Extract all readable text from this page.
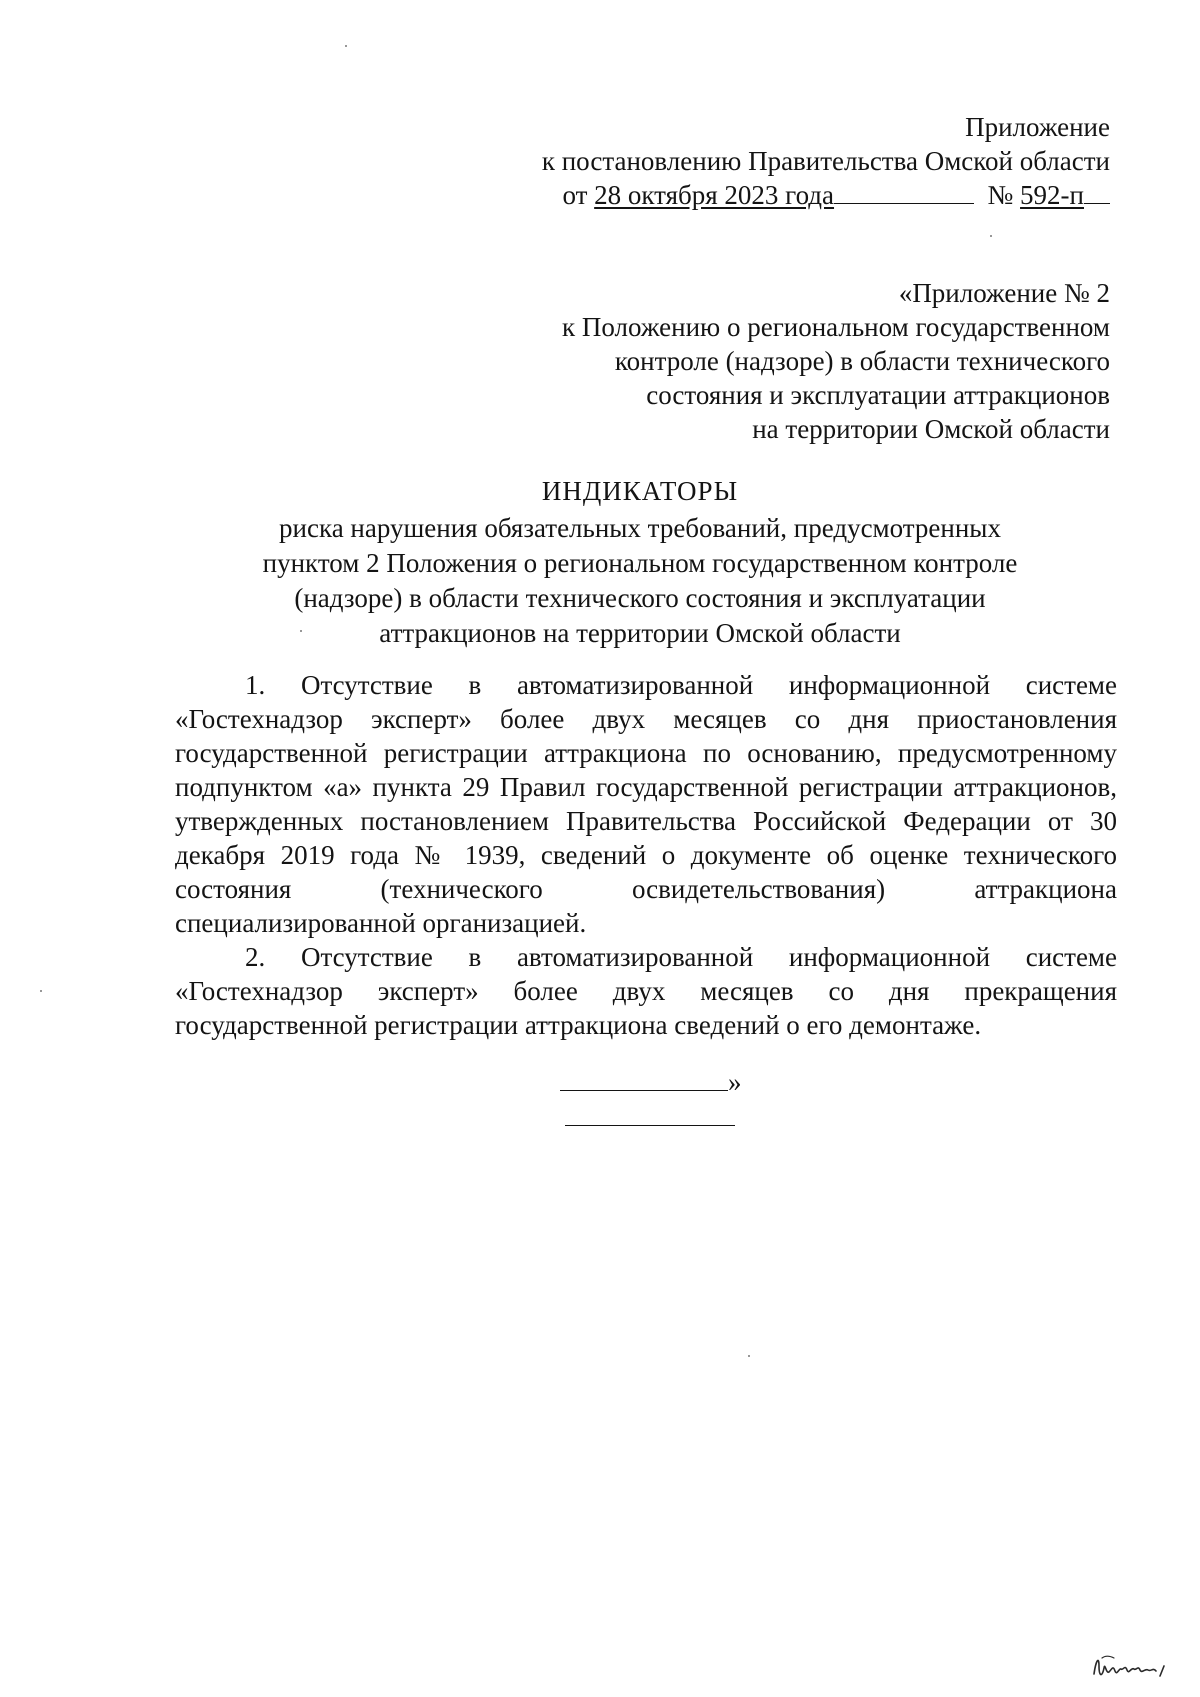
Приложение
к постановлению Правительства Омской области
от 28 октября 2023 года	№ 592-п
«Приложение № 2
к Положению о региональном государственном
контроле (надзоре) в области технического
состояния и эксплуатации аттракционов
на территории Омской области
ИНДИКАТОРЫ
риска нарушения обязательных требований, предусмотренных
пунктом 2 Положения о региональном государственном контроле
(надзоре) в области технического состояния и эксплуатации
аттракционов на территории Омской области

1. Отсутствие в автоматизированной информационной системе «Гостехнадзор эксперт» более двух месяцев со дня приостановления государственной регистрации аттракциона по основанию, предусмотренному подпунктом «а» пункта 29 Правил государственной регистрации аттракционов, утвержденных постановлением Правительства Российской Федерации от 30 декабря 2019 года № 1939, сведений о документе об оценке технического состояния (технического освидетельствования) аттракциона специализированной организацией.

2. Отсутствие в автоматизированной информационной системе «Гостехнадзор эксперт» более двух месяцев со дня прекращения государственной регистрации аттракциона сведений о его демонтаже.

»
